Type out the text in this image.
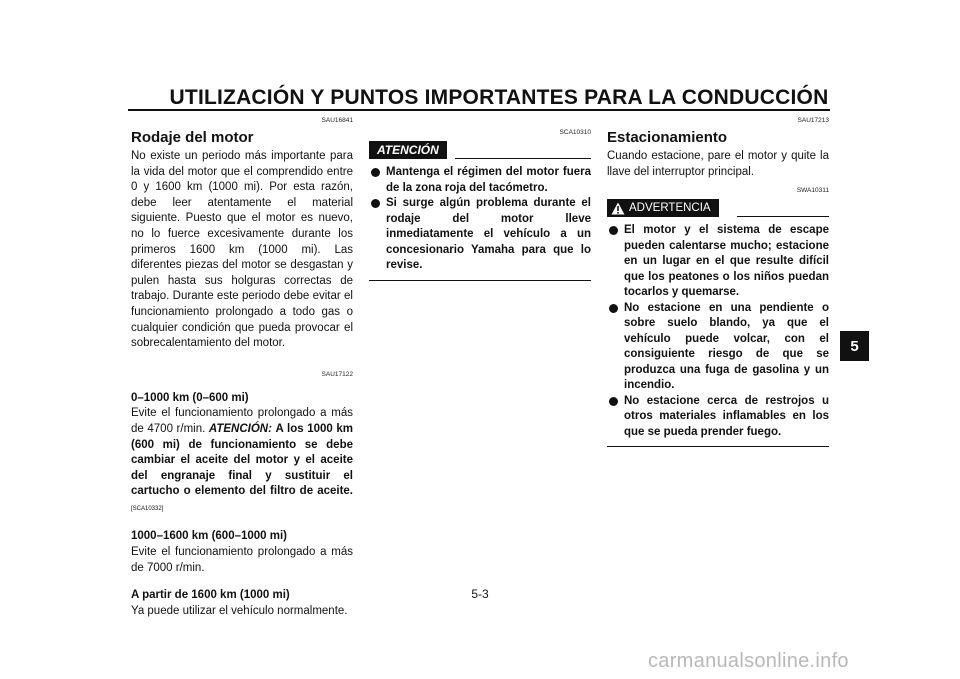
UTILIZACIÓN Y PUNTOS IMPORTANTES PARA LA CONDUCCIÓN
5
SAU16841
Rodaje del motor

No existe un periodo más importante para la vida del motor que el comprendido entre 0 y 1600 km (1000 mi). Por esta razón, debe leer atentamente el material siguiente. Puesto que el motor es nuevo, no lo fuerce excesivamente durante los primeros 1600 km (1000 mi). Las diferentes piezas del motor se desgastan y pulen hasta sus holguras correctas de trabajo. Durante este periodo debe evitar el funcionamiento prolongado a todo gas o cualquier condición que pueda provocar el sobrecalentamiento del motor.

SAU17122

0–1000 km (0–600 mi)

Evite el funcionamiento prolongado a más de 4700 r/min. ATENCIÓN: A los 1000 km (600 mi) de funcionamiento se debe cambiar el aceite del motor y el aceite del engranaje final y sustituir el cartucho o elemento del filtro de aceite.[SCA10332]

1000–1600 km (600–1000 mi)

Evite el funcionamiento prolongado a más de 7000 r/min.

A partir de 1600 km (1000 mi)

Ya puede utilizar el vehículo normalmente.

SCA10310
ATENCIÓN
Mantenga el régimen del motor fuera de la zona roja del tacómetro.
Si surge algún problema durante el rodaje del motor lleve inmediatamente el vehículo a un concesionario Yamaha para que lo revise.
SAU17213
Estacionamiento

Cuando estacione, pare el motor y quite la llave del interruptor principal.

SWA10311
ADVERTENCIA
El motor y el sistema de escape pueden calentarse mucho; estacione en un lugar en el que resulte difícil que los peatones o los niños puedan tocarlos y quemarse.
No estacione en una pendiente o sobre suelo blando, ya que el vehículo puede volcar, con el consiguiente riesgo de que se produzca una fuga de gasolina y un incendio.
No estacione cerca de restrojos u otros materiales inflamables en los que se pueda prender fuego.
5-3
carmanualsonline.info
